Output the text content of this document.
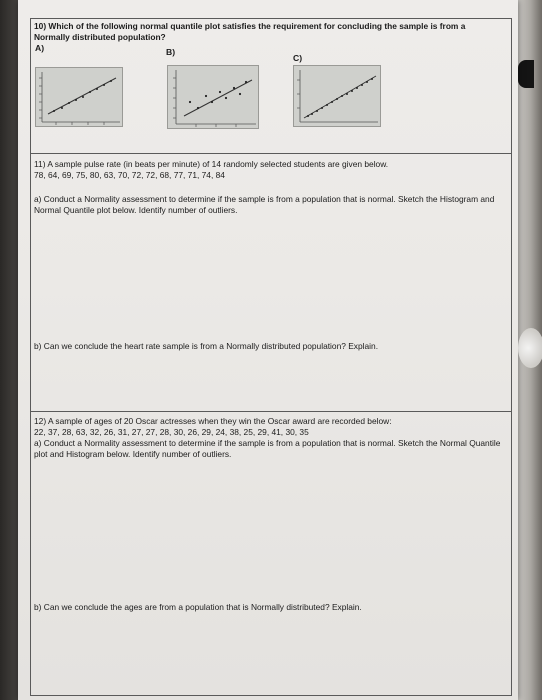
10) Which of the following normal quantile plot satisfies the requirement for concluding the sample is from a Normally distributed population?
A)	B)
C)
11) A sample pulse rate (in beats per minute) of 14 randomly selected students are given below.
78, 64, 69, 75, 80, 63, 70, 72, 72, 68, 77, 71, 74, 84
a) Conduct a Normality assessment to determine if the sample is from a population that is normal. Sketch the Histogram and Normal Quantile plot below. Identify number of outliers.
b) Can we conclude the heart rate sample is from a Normally distributed population? Explain.
12) A sample of ages of 20 Oscar actresses when they win the Oscar award are recorded below:
22, 37, 28, 63, 32, 26, 31, 27, 27, 28, 30, 26, 29, 24, 38, 25, 29, 41, 30, 35
a) Conduct a Normality assessment to determine if the sample is from a population that is normal. Sketch the Normal Quantile plot and Histogram below. Identify number of outliers.
b) Can we conclude the ages are from a population that is Normally distributed? Explain.
